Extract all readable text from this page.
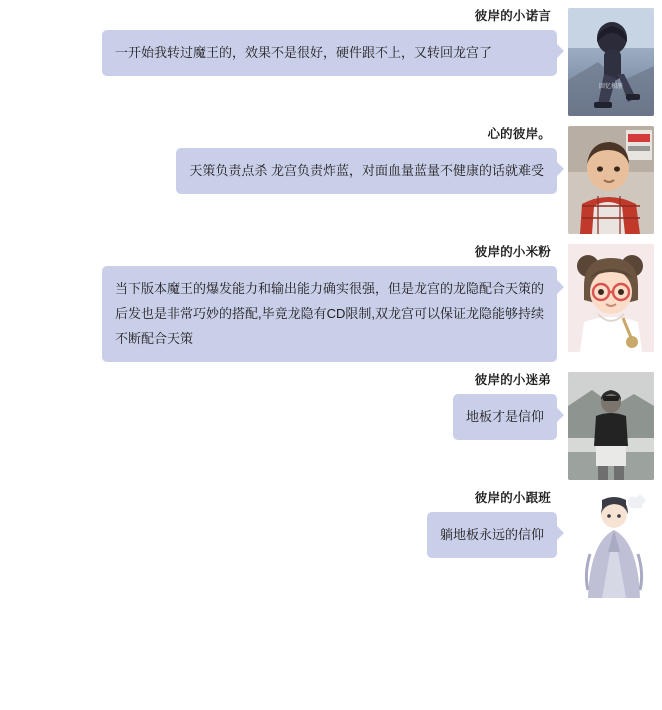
彼岸的小诺言
一开始我转过魔王的，效果不是很好，硬件跟不上，又转回龙宫了
回忆相册
心的彼岸。
天策负责点杀 龙宫负责炸蓝，对面血量蓝量不健康的话就难受
彼岸的小米粉
当下版本魔王的爆发能力和输出能力确实很强，但是龙宫的龙隐配合天策的后发也是非常巧妙的搭配,毕竟龙隐有CD限制,双龙宫可以保证龙隐能够持续不断配合天策
彼岸的小迷弟
地板才是信仰
彼岸的小跟班
躺地板永远的信仰
